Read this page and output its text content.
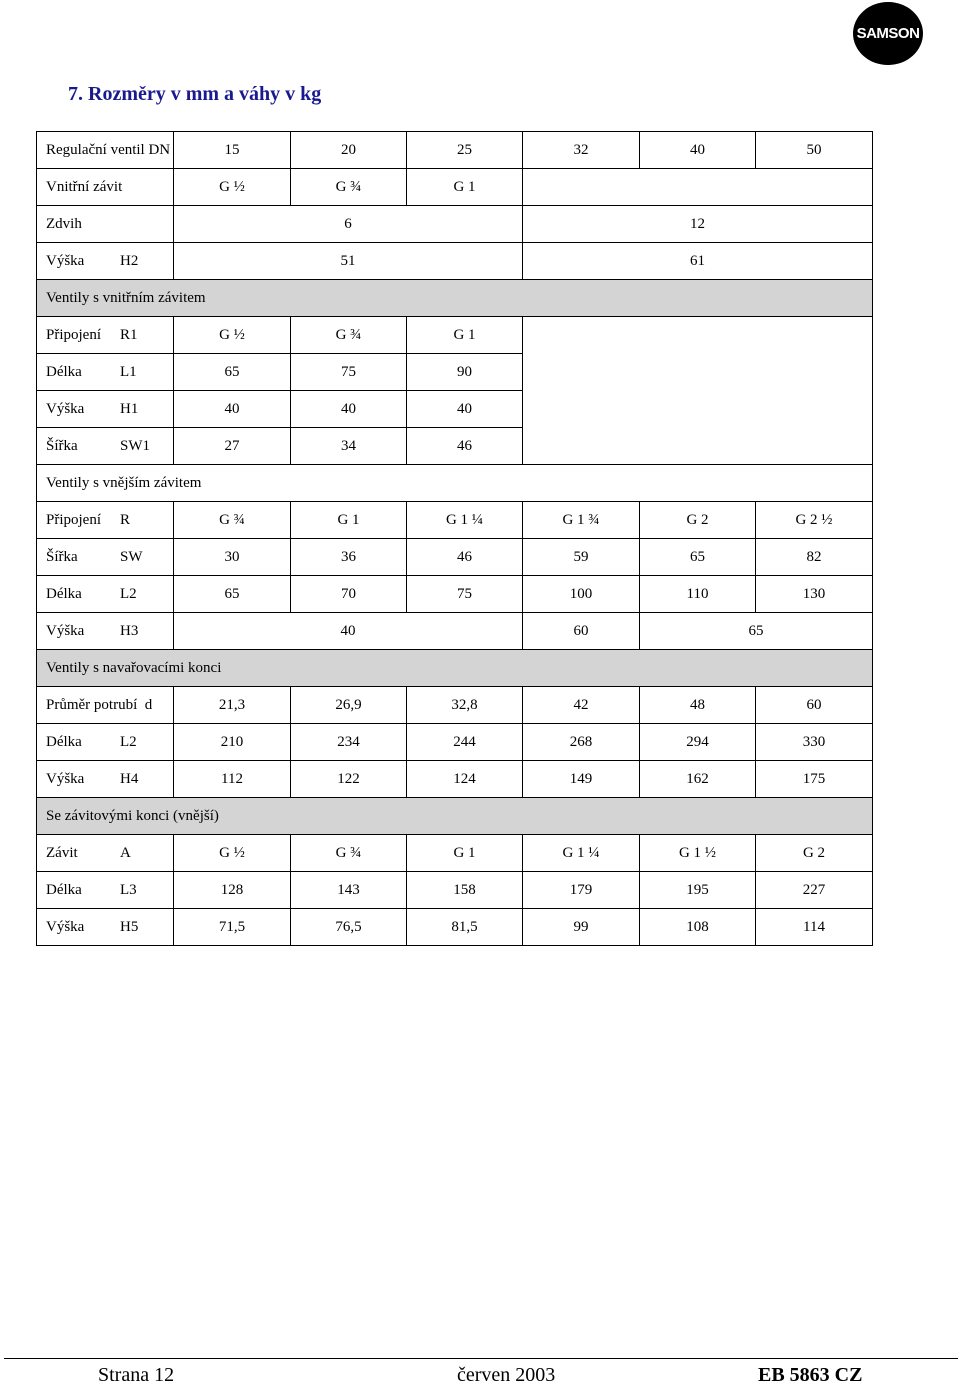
SAMSON
7. Rozměry v mm a váhy v kg
Regulační ventil DN	15	20	25	32	40	50
Vnitřní závit	G ½	G ¾	G 1			
Zdvih	6			12		
Výška H2	51			61		
Ventily s vnitřním závitem						
Připojení R1	G ½	G ¾	G 1			
Délka L1	65	75	90			
Výška H1	40	40	40			
Šířka SW1	27	34	46			
Ventily s vnějším závitem						
Připojení R	G ¾	G 1	G 1 ¼	G 1 ¾	G 2	G 2 ½
Šířka SW	30	36	46	59	65	82
Délka L2	65	70	75	100	110	130
Výška H3	40			60	65	
Ventily s navařovacími konci						
Průměr potrubí d	21,3	26,9	32,8	42	48	60
Délka L2	210	234	244	268	294	330
Výška H4	112	122	124	149	162	175
Se závitovými konci (vnější)						
Závit A	G ½	G ¾	G 1	G 1 ¼	G 1 ½	G 2
Délka L3	128	143	158	179	195	227
Výška H5	71,5	76,5	81,5	99	108	114
Strana 12	červen 2003	EB 5863 CZ
